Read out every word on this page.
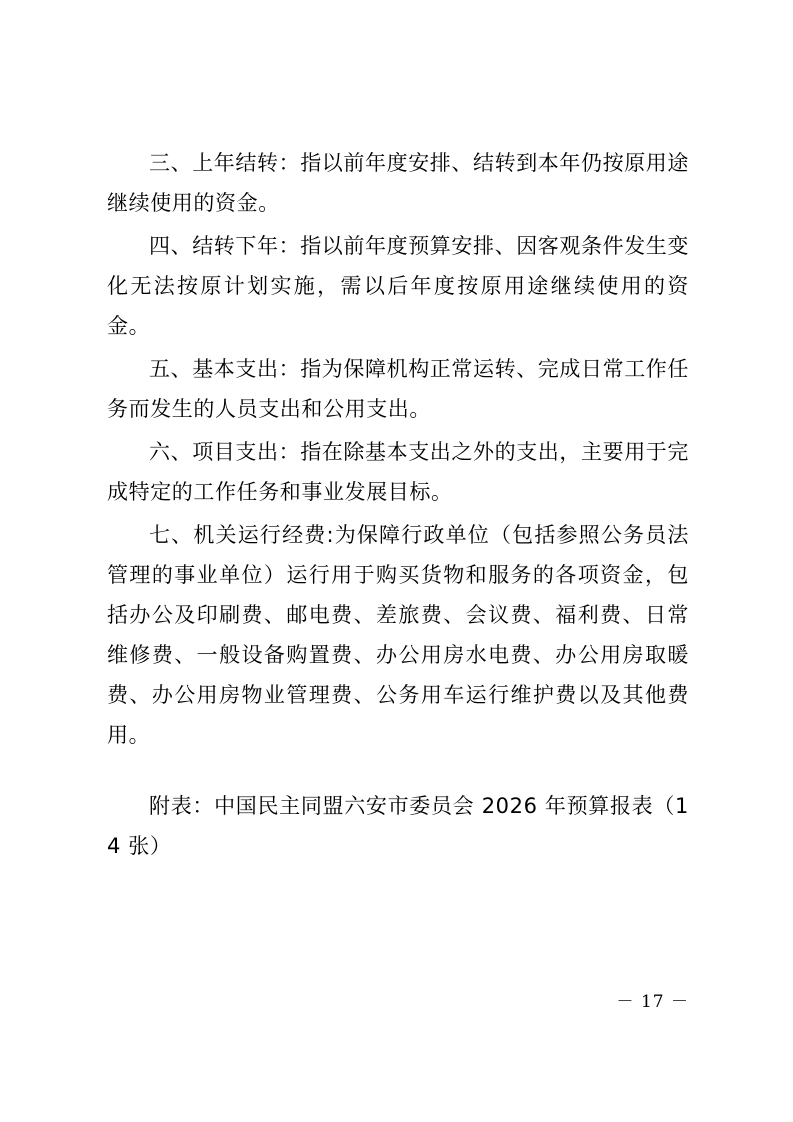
三、上年结转：指以前年度安排、结转到本年仍按原用途继续使用的资金。

四、结转下年：指以前年度预算安排、因客观条件发生变化无法按原计划实施，需以后年度按原用途继续使用的资金。

五、基本支出：指为保障机构正常运转、完成日常工作任务而发生的人员支出和公用支出。

六、项目支出：指在除基本支出之外的支出，主要用于完成特定的工作任务和事业发展目标。

七、机关运行经费:为保障行政单位（包括参照公务员法管理的事业单位）运行用于购买货物和服务的各项资金，包括办公及印刷费、邮电费、差旅费、会议费、福利费、日常维修费、一般设备购置费、办公用房水电费、办公用房取暖费、办公用房物业管理费、公务用车运行维护费以及其他费用。

附表：中国民主同盟六安市委员会 2026 年预算报表（14 张）

－ 17 －
